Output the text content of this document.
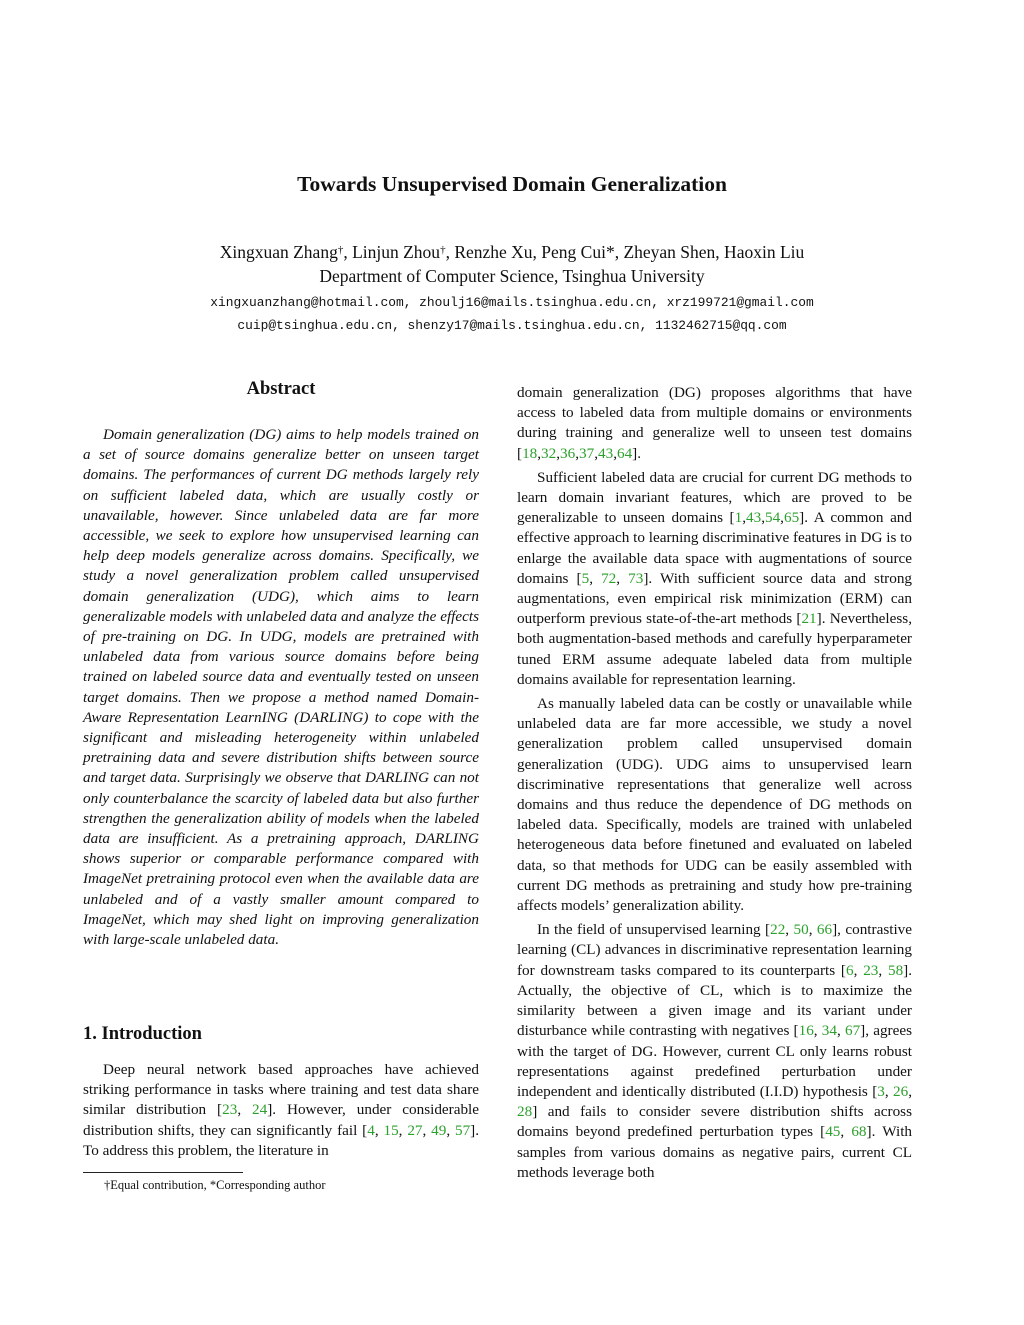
Towards Unsupervised Domain Generalization
Xingxuan Zhang†, Linjun Zhou†, Renzhe Xu, Peng Cui*, Zheyan Shen, Haoxin Liu
Department of Computer Science, Tsinghua University
xingxuanzhang@hotmail.com, zhoulj16@mails.tsinghua.edu.cn, xrz199721@gmail.com
cuip@tsinghua.edu.cn, shenzy17@mails.tsinghua.edu.cn, 1132462715@qq.com
Abstract

Domain generalization (DG) aims to help models trained on a set of source domains generalize better on unseen target domains. The performances of current DG methods largely rely on sufficient labeled data, which are usually costly or unavailable, however. Since unlabeled data are far more accessible, we seek to explore how unsupervised learning can help deep models generalize across domains. Specifically, we study a novel generalization problem called unsupervised domain generalization (UDG), which aims to learn generalizable models with unlabeled data and analyze the effects of pre-training on DG. In UDG, models are pretrained with unlabeled data from various source domains before being trained on labeled source data and eventually tested on unseen target domains. Then we propose a method named Domain-Aware Representation LearnING (DARLING) to cope with the significant and misleading heterogeneity within unlabeled pretraining data and severe distribution shifts between source and target data. Surprisingly we observe that DARLING can not only counterbalance the scarcity of labeled data but also further strengthen the generalization ability of models when the labeled data are insufficient. As a pretraining approach, DARLING shows superior or comparable performance compared with ImageNet pretraining protocol even when the available data are unlabeled and of a vastly smaller amount compared to ImageNet, which may shed light on improving generalization with large-scale unlabeled data.

1. Introduction

Deep neural network based approaches have achieved striking performance in tasks where training and test data share similar distribution [23, 24]. However, under considerable distribution shifts, they can significantly fail [4, 15, 27, 49, 57]. To address this problem, the literature in

†Equal contribution, *Corresponding author

domain generalization (DG) proposes algorithms that have access to labeled data from multiple domains or environments during training and generalize well to unseen test domains [18,32,36,37,43,64].

Sufficient labeled data are crucial for current DG methods to learn domain invariant features, which are proved to be generalizable to unseen domains [1,43,54,65]. A common and effective approach to learning discriminative features in DG is to enlarge the available data space with augmentations of source domains [5, 72, 73]. With sufficient source data and strong augmentations, even empirical risk minimization (ERM) can outperform previous state-of-the-art methods [21]. Nevertheless, both augmentation-based methods and carefully hyperparameter tuned ERM assume adequate labeled data from multiple domains available for representation learning.

As manually labeled data can be costly or unavailable while unlabeled data are far more accessible, we study a novel generalization problem called unsupervised domain generalization (UDG). UDG aims to unsupervised learn discriminative representations that generalize well across domains and thus reduce the dependence of DG methods on labeled data. Specifically, models are trained with unlabeled heterogeneous data before finetuned and evaluated on labeled data, so that methods for UDG can be easily assembled with current DG methods as pretraining and study how pre-training affects models’ generalization ability.

In the field of unsupervised learning [22, 50, 66], contrastive learning (CL) advances in discriminative representation learning for downstream tasks compared to its counterparts [6, 23, 58]. Actually, the objective of CL, which is to maximize the similarity between a given image and its variant under disturbance while contrasting with negatives [16, 34, 67], agrees with the target of DG. However, current CL only learns robust representations against predefined perturbation under independent and identically distributed (I.I.D) hypothesis [3, 26, 28] and fails to consider severe distribution shifts across domains beyond predefined perturbation types [45, 68]. With samples from various domains as negative pairs, current CL methods leverage both
